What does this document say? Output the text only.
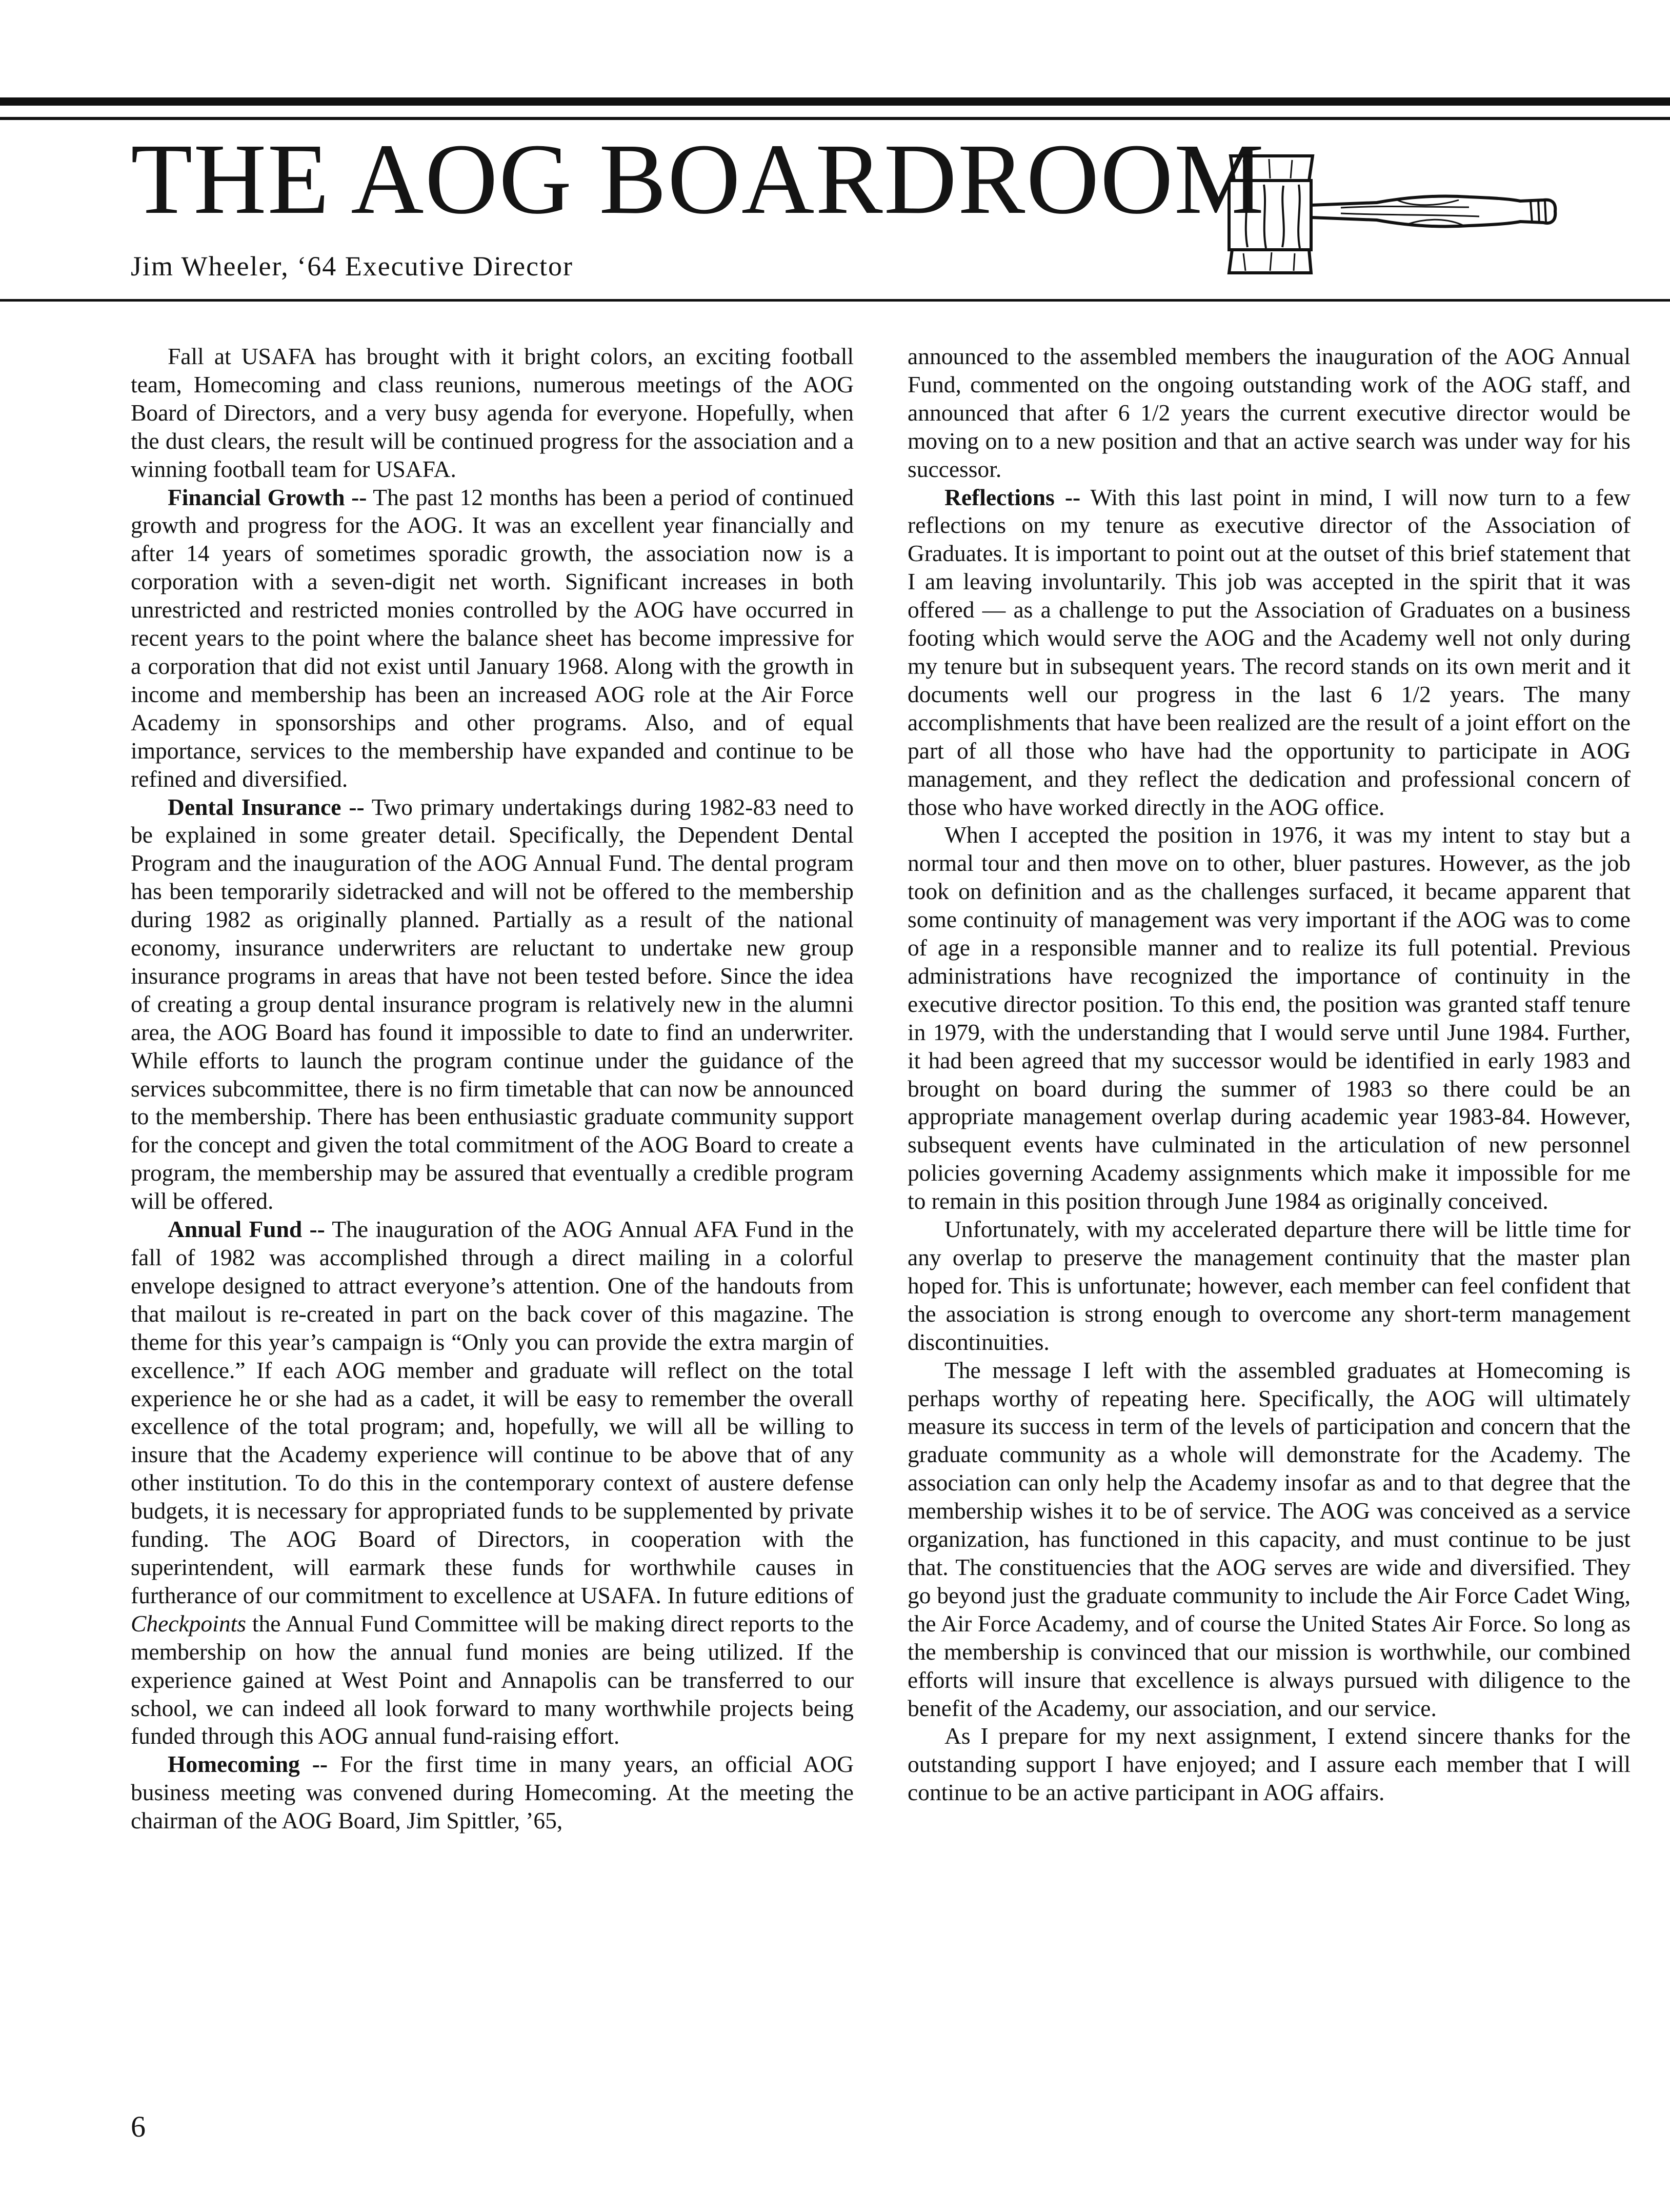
THE AOG BOARDROOM
Jim Wheeler, ‘64 Executive Director

Fall at USAFA has brought with it bright colors, an exciting football team, Homecoming and class reunions, numerous meetings of the AOG Board of Directors, and a very busy agenda for everyone. Hopefully, when the dust clears, the result will be continued progress for the association and a winning football team for USAFA.

Financial Growth -- The past 12 months has been a period of continued growth and progress for the AOG. It was an excellent year financially and after 14 years of sometimes sporadic growth, the association now is a corporation with a seven-digit net worth. Significant increases in both unrestricted and restricted monies controlled by the AOG have occurred in recent years to the point where the balance sheet has become impressive for a corporation that did not exist until January 1968. Along with the growth in income and membership has been an increased AOG role at the Air Force Academy in sponsorships and other programs. Also, and of equal importance, services to the membership have expanded and continue to be refined and diversified.

Dental Insurance -- Two primary undertakings during 1982-83 need to be explained in some greater detail. Specifically, the Dependent Dental Program and the inauguration of the AOG Annual Fund. The dental program has been temporarily sidetracked and will not be offered to the membership during 1982 as originally planned. Partially as a result of the national economy, insurance underwriters are reluctant to undertake new group insurance programs in areas that have not been tested before. Since the idea of creating a group dental insurance program is relatively new in the alumni area, the AOG Board has found it impossible to date to find an underwriter. While efforts to launch the program continue under the guidance of the services subcommittee, there is no firm timetable that can now be announced to the membership. There has been enthusiastic graduate community support for the concept and given the total commitment of the AOG Board to create a program, the membership may be assured that eventually a credible program will be offered.

Annual Fund -- The inauguration of the AOG Annual AFA Fund in the fall of 1982 was accomplished through a direct mailing in a colorful envelope designed to attract everyone’s attention. One of the handouts from that mailout is re-created in part on the back cover of this magazine. The theme for this year’s campaign is “Only you can provide the extra margin of excellence.” If each AOG member and graduate will reflect on the total experience he or she had as a cadet, it will be easy to remember the overall excellence of the total program; and, hopefully, we will all be willing to insure that the Academy experience will continue to be above that of any other institution. To do this in the contemporary context of austere defense budgets, it is necessary for appropriated funds to be supplemented by private funding. The AOG Board of Directors, in cooperation with the superintendent, will earmark these funds for worthwhile causes in furtherance of our commitment to excellence at USAFA. In future editions of Checkpoints the Annual Fund Committee will be making direct reports to the membership on how the annual fund monies are being utilized. If the experience gained at West Point and Annapolis can be transferred to our school, we can indeed all look forward to many worthwhile projects being funded through this AOG annual fund-raising effort.

Homecoming -- For the first time in many years, an official AOG business meeting was convened during Homecoming. At the meeting the chairman of the AOG Board, Jim Spittler, ’65,

announced to the assembled members the inauguration of the AOG Annual Fund, commented on the ongoing outstanding work of the AOG staff, and announced that after 6 1/2 years the current executive director would be moving on to a new position and that an active search was under way for his successor.

Reflections -- With this last point in mind, I will now turn to a few reflections on my tenure as executive director of the Association of Graduates. It is important to point out at the outset of this brief statement that I am leaving involuntarily. This job was accepted in the spirit that it was offered — as a challenge to put the Association of Graduates on a business footing which would serve the AOG and the Academy well not only during my tenure but in subsequent years. The record stands on its own merit and it documents well our progress in the last 6 1/2 years. The many accomplishments that have been realized are the result of a joint effort on the part of all those who have had the opportunity to participate in AOG management, and they reflect the dedication and professional concern of those who have worked directly in the AOG office.

When I accepted the position in 1976, it was my intent to stay but a normal tour and then move on to other, bluer pastures. However, as the job took on definition and as the challenges surfaced, it became apparent that some continuity of management was very important if the AOG was to come of age in a responsible manner and to realize its full potential. Previous administrations have recognized the importance of continuity in the executive director position. To this end, the position was granted staff tenure in 1979, with the understanding that I would serve until June 1984. Further, it had been agreed that my successor would be identified in early 1983 and brought on board during the summer of 1983 so there could be an appropriate management overlap during academic year 1983-84. However, subsequent events have culminated in the articulation of new personnel policies governing Academy assignments which make it impossible for me to remain in this position through June 1984 as originally conceived.

Unfortunately, with my accelerated departure there will be little time for any overlap to preserve the management continuity that the master plan hoped for. This is unfortunate; however, each member can feel confident that the association is strong enough to overcome any short-term management discontinuities.

The message I left with the assembled graduates at Homecoming is perhaps worthy of repeating here. Specifically, the AOG will ultimately measure its success in term of the levels of participation and concern that the graduate community as a whole will demonstrate for the Academy. The association can only help the Academy insofar as and to that degree that the membership wishes it to be of service. The AOG was conceived as a service organization, has functioned in this capacity, and must continue to be just that. The constituencies that the AOG serves are wide and diversified. They go beyond just the graduate community to include the Air Force Cadet Wing, the Air Force Academy, and of course the United States Air Force. So long as the membership is convinced that our mission is worthwhile, our combined efforts will insure that excellence is always pursued with diligence to the benefit of the Academy, our association, and our service.

As I prepare for my next assignment, I extend sincere thanks for the outstanding support I have enjoyed; and I assure each member that I will continue to be an active participant in AOG affairs.

6
